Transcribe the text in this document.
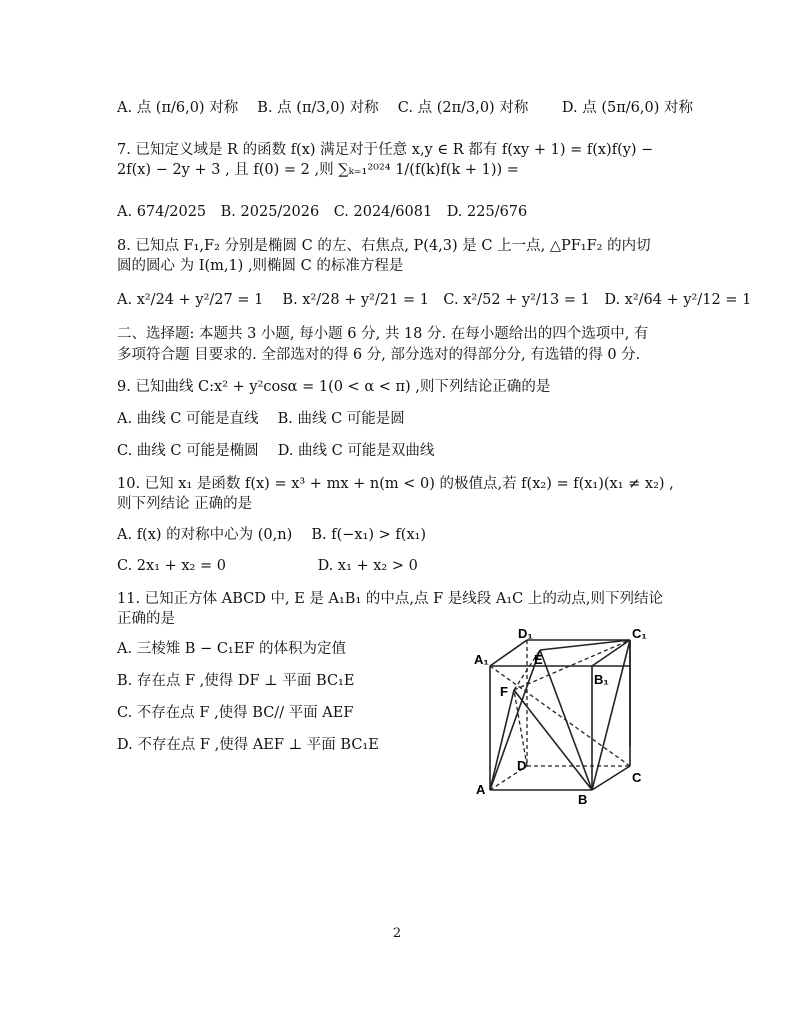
A. 点 (π/6,0) 对称　 B. 点 (π/3,0) 对称　 C. 点 (2π/3,0) 对称　　 D. 点 (5π/6,0) 对称
7. 已知定义域是 R 的函数 f(x) 满足对于任意 x,y ∈ R 都有 f(xy + 1) = f(x)f(y) −
2f(x) − 2y + 3 , 且 f(0) = 2 ,则 ∑ₖ₌₁²⁰²⁴ 1/(f(k)f(k + 1)) =
A. 674/2025　B. 2025/2026　C. 2024/6081　D. 225/676
8. 已知点 F₁,F₂ 分别是椭圆 C 的左、右焦点, P(4,3) 是 C 上一点, △PF₁F₂ 的内切
圆的圆心 为 I(m,1) ,则椭圆 C 的标准方程是
A. x²/24 + y²/27 = 1　 B. x²/28 + y²/21 = 1　C. x²/52 + y²/13 = 1　D. x²/64 + y²/12 = 1
二、选择题: 本题共 3 小题, 每小题 6 分, 共 18 分. 在每小题给出的四个选项中, 有
多项符合题 目要求的. 全部选对的得 6 分, 部分选对的得部分分, 有选错的得 0 分.
9. 已知曲线 C:x² + y²cosα = 1(0 < α < π) ,则下列结论正确的是
A. 曲线 C 可能是直线　 B. 曲线 C 可能是圆
C. 曲线 C 可能是椭圆　 D. 曲线 C 可能是双曲线
10. 已知 x₁ 是函数 f(x) = x³ + mx + n(m < 0) 的极值点,若 f(x₂) = f(x₁)(x₁ ≠ x₂) ,
则下列结论 正确的是
A. f(x) 的对称中心为 (0,n)　 B. f(−x₁) > f(x₁)
C. 2x₁ + x₂ = 0　　　　　　 D. x₁ + x₂ > 0
11. 已知正方体 ABCD 中, E 是 A₁B₁ 的中点,点 F 是线段 A₁C 上的动点,则下列结论
正确的是
A. 三棱雉 B − C₁EF 的体积为定值
B. 存在点 F ,使得 DF ⊥ 平面 BC₁E
C. 不存在点 F ,使得 BC// 平面 AEF
D. 不存在点 F ,使得 AEF ⊥ 平面 BC₁E
A₁
D₁
E
C₁
F
B₁
D
A
B
C
2
